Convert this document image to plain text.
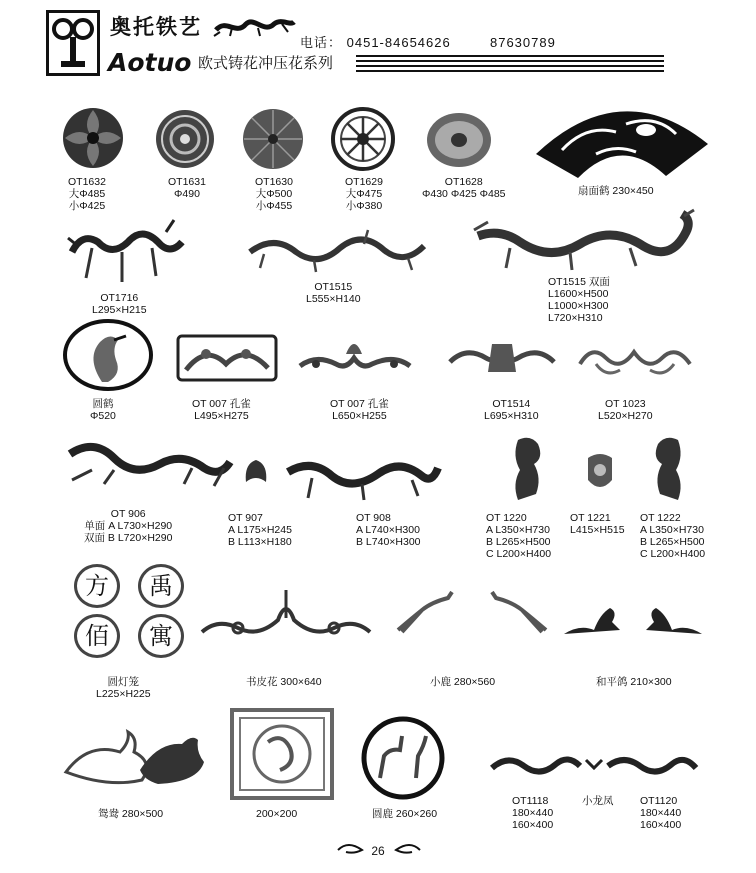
奥托铁艺
电话： 0451-84654626	87630789
Aotuo 欧式铸花冲压花系列
OT1632
大Φ485
小Φ425
OT1631
Φ490
OT1630
大Φ500
小Φ455
OT1629
大Φ475
小Φ380
OT1628
Φ430 Φ425 Φ485	扇面鹤 230×450
OT1716
L295×H215
OT1515
L555×H140
OT1515 双面
L1600×H500
L1000×H300
L720×H310
圆鹤
Φ520
OT 007 孔雀
L495×H275
OT 007 孔雀
L650×H255
OT1514
L695×H310
OT 1023
L520×H270
OT 906
单面 A L730×H290
双面 B L720×H290
OT 907
A L175×H245
B L113×H180
OT 908
A L740×H300
B L740×H300
OT 1220
A L350×H730
B L265×H500
C L200×H400
OT 1221
L415×H515
OT 1222
A L350×H730
B L265×H500
C L200×H400
方	禹
佰	寓
圆灯笼
L225×H225
书皮花 300×640	小鹿 280×560	和平鸽 210×300
鸳鸯 280×500	200×200	圆鹿 260×260
OT1118
180×440
160×400
小龙凤	OT1120
180×440
160×400
26
